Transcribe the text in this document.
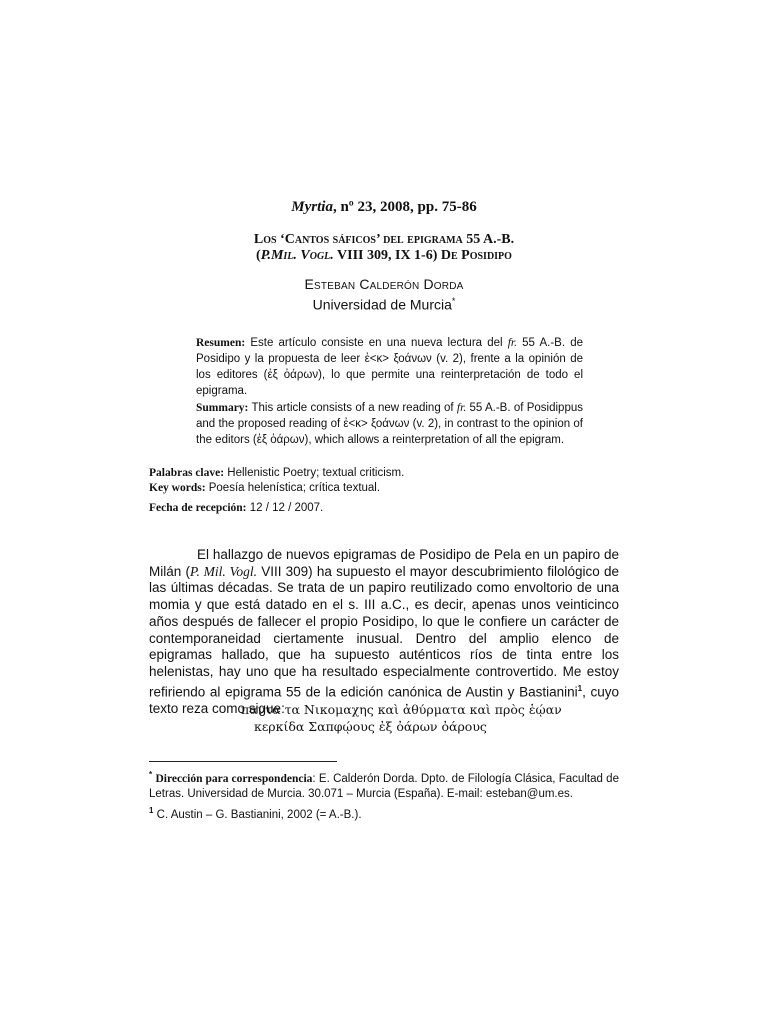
Myrtia, nº 23, 2008, pp. 75-86
Los ‘Cantos sáficos’ del epigrama 55 A.-B.
(P.Mil. Vogl. VIII 309, IX 1-6) De Posidipo
Esteban Calderón Dorda
Universidad de Murcia*
Resumen: Este artículo consiste en una nueva lectura del fr. 55 A.-B. de Posidipo y la propuesta de leer ἐ<κ> ξοάνων (v. 2), frente a la opinión de los editores (ἐξ ὀάρων), lo que permite una reinterpretación de todo el epigrama.
Summary: This article consists of a new reading of fr. 55 A.-B. of Posidippus and the proposed reading of ἐ<κ> ξοάνων (v. 2), in contrast to the opinion of the editors (ἐξ ὀάρων), which allows a reinterpretation of all the epigram.
Palabras clave: Hellenistic Poetry; textual criticism.
Key words: Poesía helenística; crítica textual.
Fecha de recepción: 12 / 12 / 2007.
El hallazgo de nuevos epigramas de Posidipo de Pela en un papiro de Milán (P. Mil. Vogl. VIII 309) ha supuesto el mayor descubrimiento filológico de las últimas décadas. Se trata de un papiro reutilizado como envoltorio de una momia y que está datado en el s. III a.C., es decir, apenas unos veinticinco años después de fallecer el propio Posidipo, lo que le confiere un carácter de contemporaneidad ciertamente inusual. Dentro del amplio elenco de epigramas hallado, que ha supuesto auténticos ríos de tinta entre los helenistas, hay uno que ha resultado especialmente controvertido. Me estoy refiriendo al epigrama 55 de la edición canónica de Austin y Bastianini$^1$, cuyo texto reza como sigue:
παντα τα Νικομαχης καὶ ἀθύρματα καὶ πρὸς ἑῴαν
κερκίδα Σαπφῴους ἐξ ὀάρων ὀάρους
* Dirección para correspondencia: E. Calderón Dorda. Dpto. de Filología Clásica, Facultad de Letras. Universidad de Murcia. 30.071 – Murcia (España). E-mail: esteban@um.es.
$^1$ C. Austin – G. Bastianini, 2002 (= A.-B.).
